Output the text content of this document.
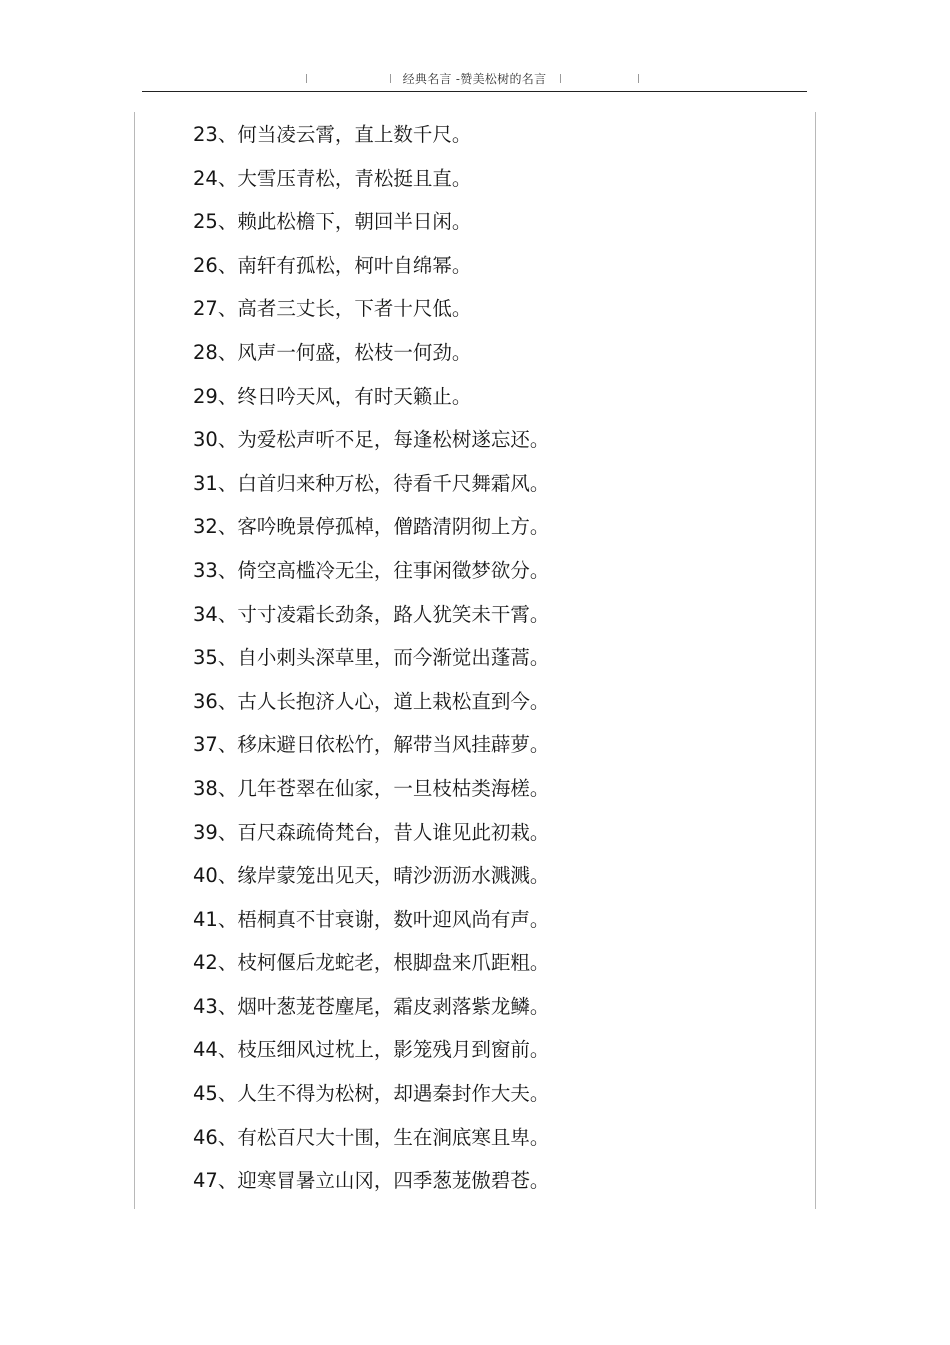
经典名言 -赞美松树的名言
23、何当凌云霄，直上数千尺。
24、大雪压青松，青松挺且直。
25、赖此松檐下，朝回半日闲。
26、南轩有孤松，柯叶自绵幂。
27、高者三丈长，下者十尺低。
28、风声一何盛，松枝一何劲。
29、终日吟天风，有时天籁止。
30、为爱松声听不足，每逢松树遂忘还。
31、白首归来种万松，待看千尺舞霜风。
32、客吟晚景停孤棹，僧踏清阴彻上方。
33、倚空高槛冷无尘，往事闲徵梦欲分。
34、寸寸凌霜长劲条，路人犹笑未干霄。
35、自小刺头深草里，而今渐觉出蓬蒿。
36、古人长抱济人心，道上栽松直到今。
37、移床避日依松竹，解带当风挂薜萝。
38、几年苍翠在仙家，一旦枝枯类海槎。
39、百尺森疏倚梵台，昔人谁见此初栽。
40、缘岸蒙笼出见天，晴沙沥沥水溅溅。
41、梧桐真不甘衰谢，数叶迎风尚有声。
42、枝柯偃后龙蛇老，根脚盘来爪距粗。
43、烟叶葱茏苍麈尾，霜皮剥落紫龙鳞。
44、枝压细风过枕上，影笼残月到窗前。
45、人生不得为松树，却遇秦封作大夫。
46、有松百尺大十围，生在涧底寒且卑。
47、迎寒冒暑立山冈，四季葱茏傲碧苍。
